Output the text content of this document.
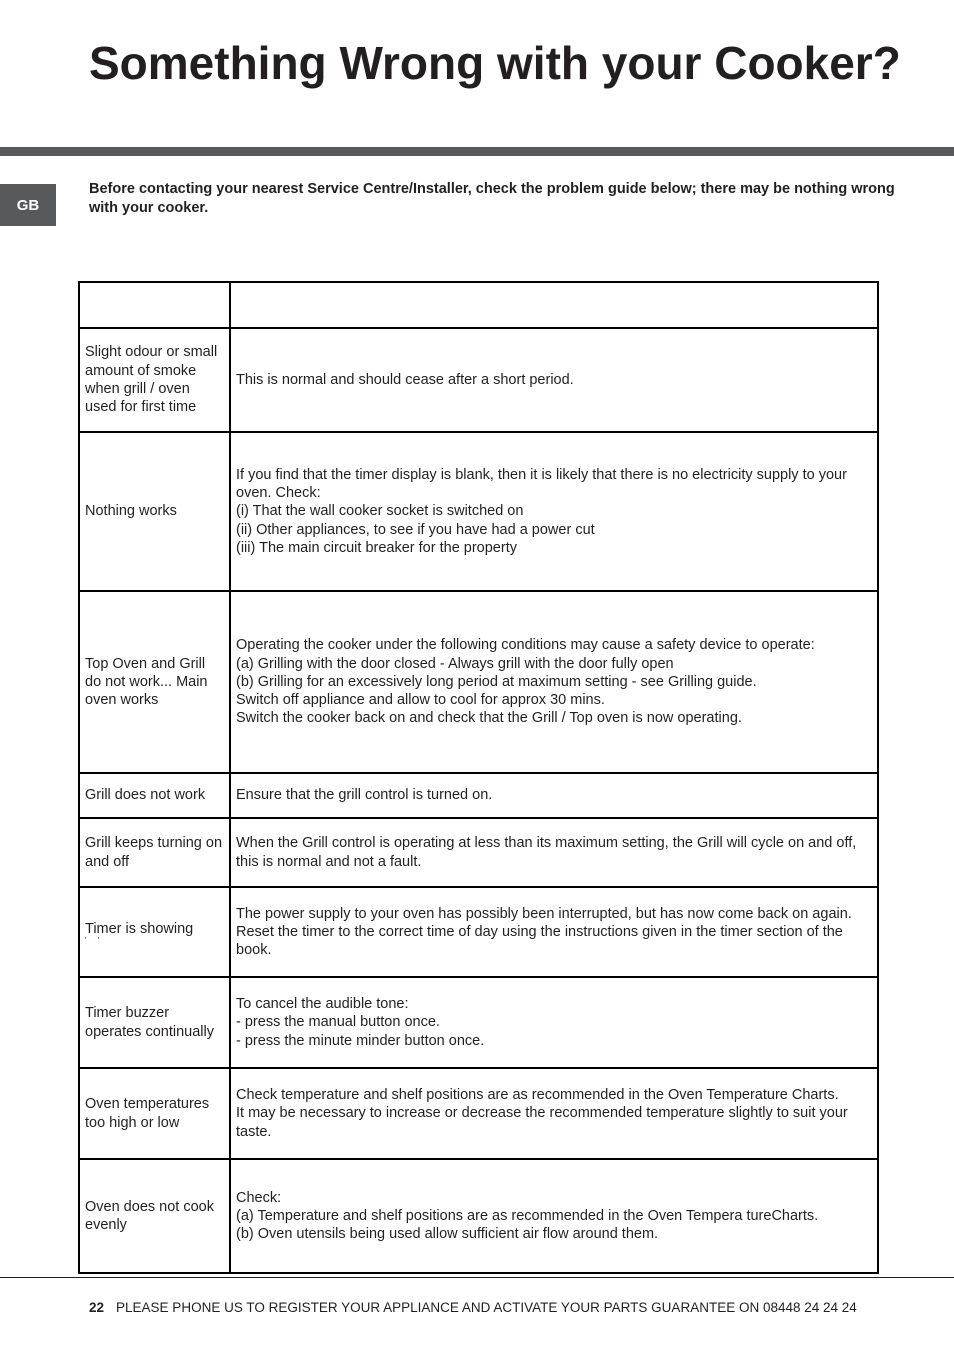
Something Wrong with your Cooker?
GB
Before contacting your nearest Service Centre/Installer, check the problem guide below; there may be nothing wrong with your cooker.

Slight odour or small amount of smoke when grill / oven used for first time	This is normal and should cease after a short period.

Nothing works	If you find that the timer display is blank, then it is likely that there is no electricity supply to your oven. Check:
(i) That the wall cooker socket is switched on
(ii) Other appliances, to see if you have had a power cut
(iii) The main circuit breaker for the property

Top Oven and Grill do not work... Main oven works	Operating the cooker under the following conditions may cause a safety device to operate:
(a) Grilling with the door closed - Always grill with the door fully open
(b) Grilling for an excessively long period at maximum setting - see Grilling guide.
Switch off appliance and allow to cool for approx 30 mins.
Switch the cooker back on and check that the Grill / Top oven is now operating.

Grill does not work	Ensure that the grill control is turned on.

Grill keeps turning on and off	When the Grill control is operating at less than its maximum setting, the Grill will cycle on and off, this is normal and not a fault.

Timer is showing
'     '	The power supply to your oven has possibly been interrupted, but has now come back on again. Reset the timer to the correct time of day using the instructions given in the timer section of the book.

Timer buzzer operates continually	To cancel the audible tone:
- press the manual button once.
- press the minute minder button once.

Oven temperatures too high or low	Check temperature and shelf positions are as recommended in the Oven Temperature Charts.
It may be necessary to increase or decrease the recommended temperature slightly to suit your taste.

Oven does not cook evenly	Check:
(a) Temperature and shelf positions are as recommended in the Oven Tempera tureCharts.
(b) Oven utensils being used allow sufficient air flow around them.
22 PLEASE PHONE US TO REGISTER YOUR APPLIANCE AND ACTIVATE YOUR PARTS GUARANTEE ON 08448 24 24 24
